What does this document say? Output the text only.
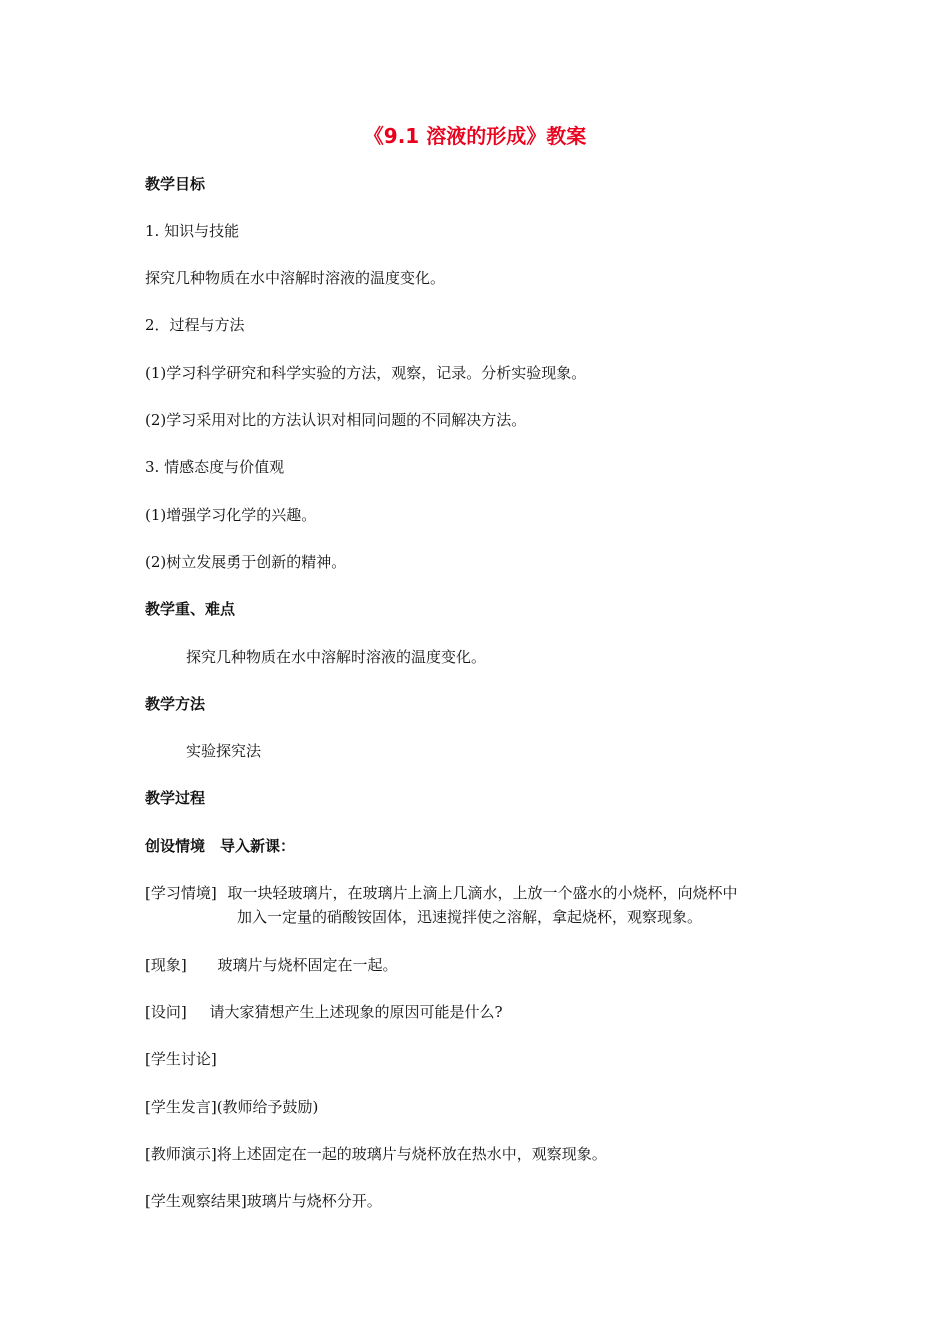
《9.1 溶液的形成》教案
教学目标
1. 知识与技能
探究几种物质在水中溶解时溶液的温度变化。
2．过程与方法
(1)学习科学研究和科学实验的方法，观察，记录。分析实验现象。
(2)学习采用对比的方法认识对相同问题的不同解决方法。
3. 情感态度与价值观
(1)增强学习化学的兴趣。
(2)树立发展勇于创新的精神。
教学重、难点
探究几种物质在水中溶解时溶液的温度变化。
教学方法
实验探究法
教学过程
创设情境　导入新课：
[学习情境] 取一块轻玻璃片，在玻璃片上滴上几滴水，上放一个盛水的小烧杯，向烧杯中
加入一定量的硝酸铵固体，迅速搅拌使之溶解，拿起烧杯，观察现象。
[现象] 玻璃片与烧杯固定在一起。
[设问] 请大家猜想产生上述现象的原因可能是什么?
[学生讨论]
[学生发言](教师给予鼓励)
[教师演示]将上述固定在一起的玻璃片与烧杯放在热水中，观察现象。
[学生观察结果]玻璃片与烧杯分开。
